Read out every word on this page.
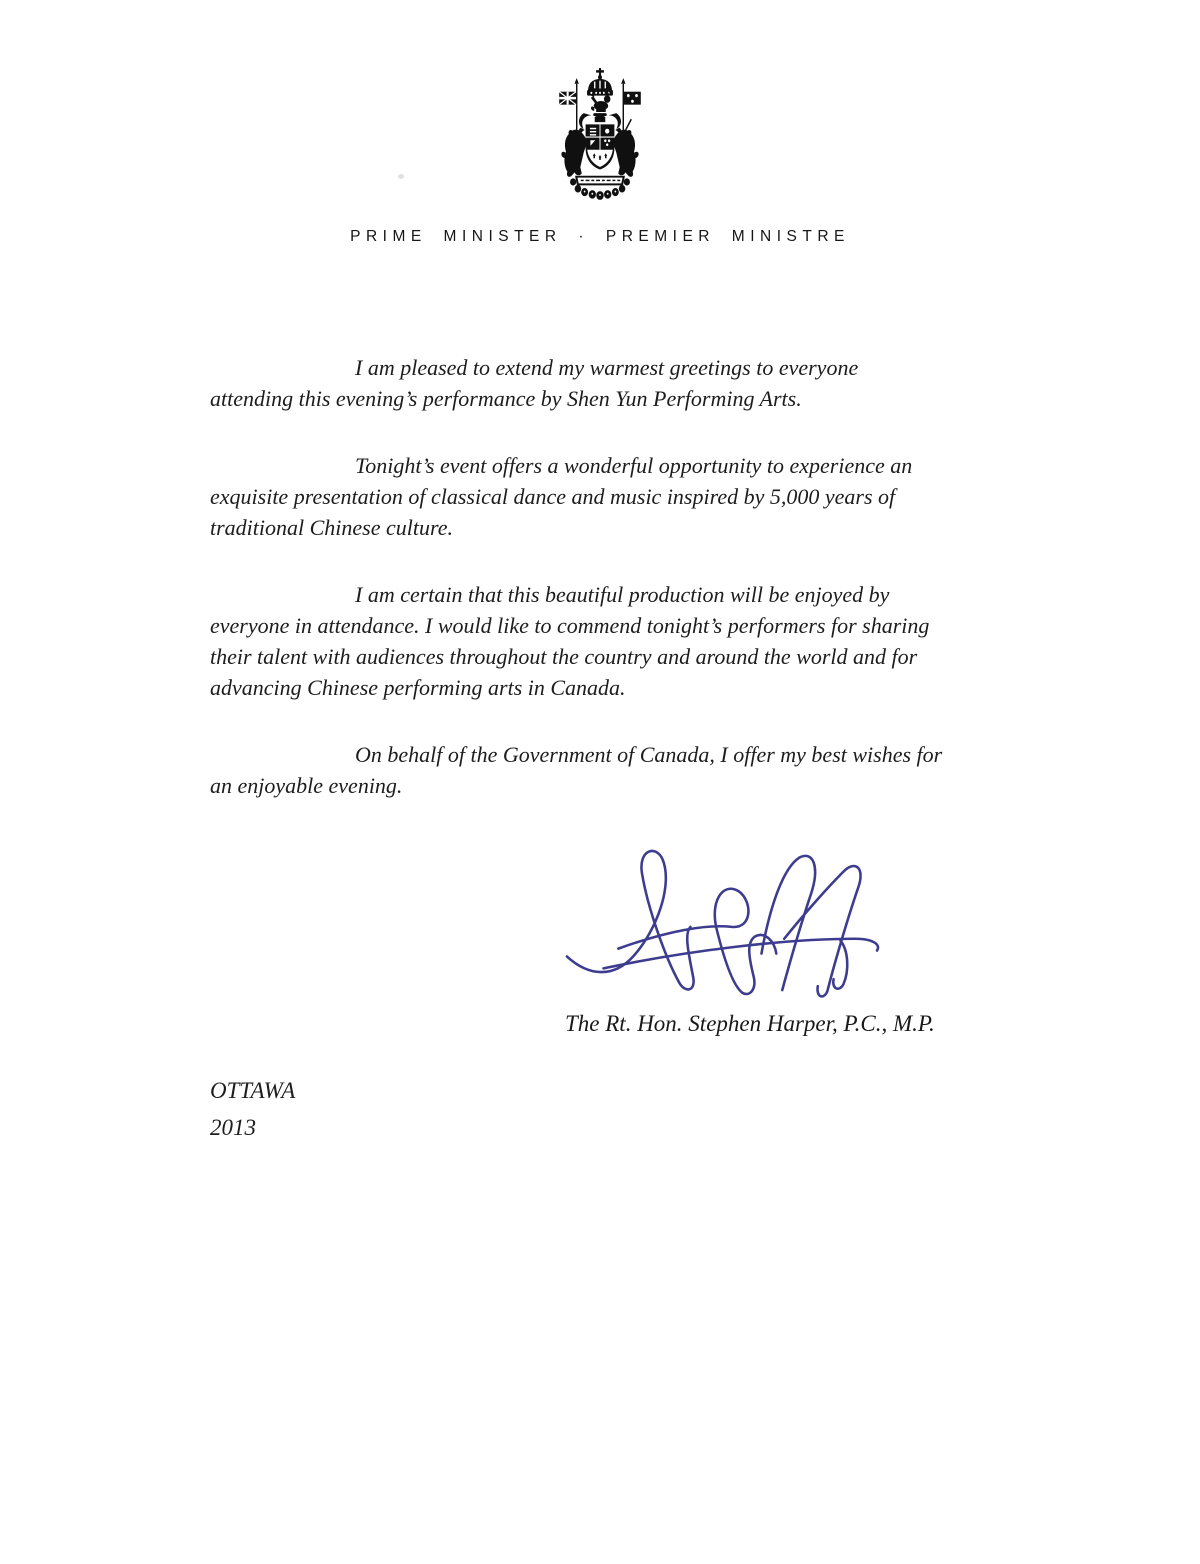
PRIME MINISTER · PREMIER MINISTRE

I am pleased to extend my warmest greetings to everyone
attending this evening’s performance by Shen Yun Performing Arts.

Tonight’s event offers a wonderful opportunity to experience an
exquisite presentation of classical dance and music inspired by 5,000 years of
traditional Chinese culture.

I am certain that this beautiful production will be enjoyed by
everyone in attendance. I would like to commend tonight’s performers for sharing
their talent with audiences throughout the country and around the world and for
advancing Chinese performing arts in Canada.

On behalf of the Government of Canada, I offer my best wishes for
an enjoyable evening.

The Rt. Hon. Stephen Harper, P.C., M.P.
OTTAWA
2013
